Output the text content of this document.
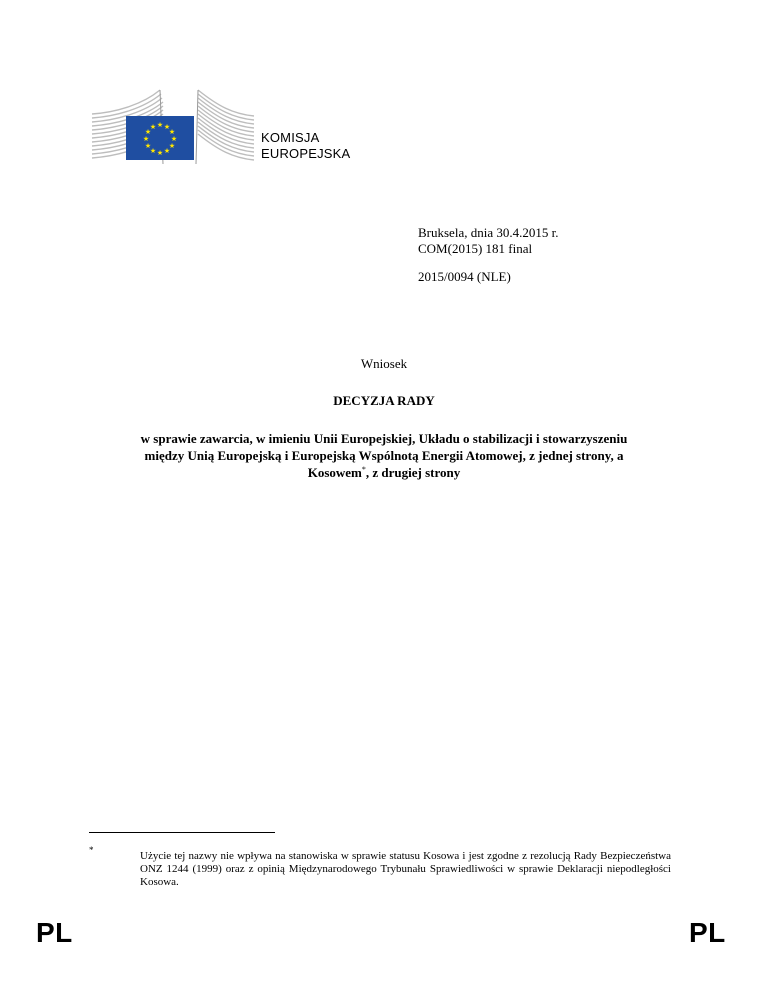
★ ★
★
★
★
★
★
★
★
★
★
★
KOMISJA
EUROPEJSKA
Bruksela, dnia 30.4.2015 r.
COM(2015) 181 final
2015/0094 (NLE)
Wniosek
DECYZJA RADY
w sprawie zawarcia, w imieniu Unii Europejskiej, Układu o stabilizacji i stowarzyszeniu
między Unią Europejską i Europejską Wspólnotą Energii Atomowej, z jednej strony, a
Kosowem*, z drugiej strony
*	Użycie tej nazwy nie wpływa na stanowiska w sprawie statusu Kosowa i jest zgodne z rezolucją Rady Bezpieczeństwa ONZ 1244 (1999) oraz z opinią Międzynarodowego Trybunału Sprawiedliwości w sprawie Deklaracji niepodległości Kosowa.
PL	PL
